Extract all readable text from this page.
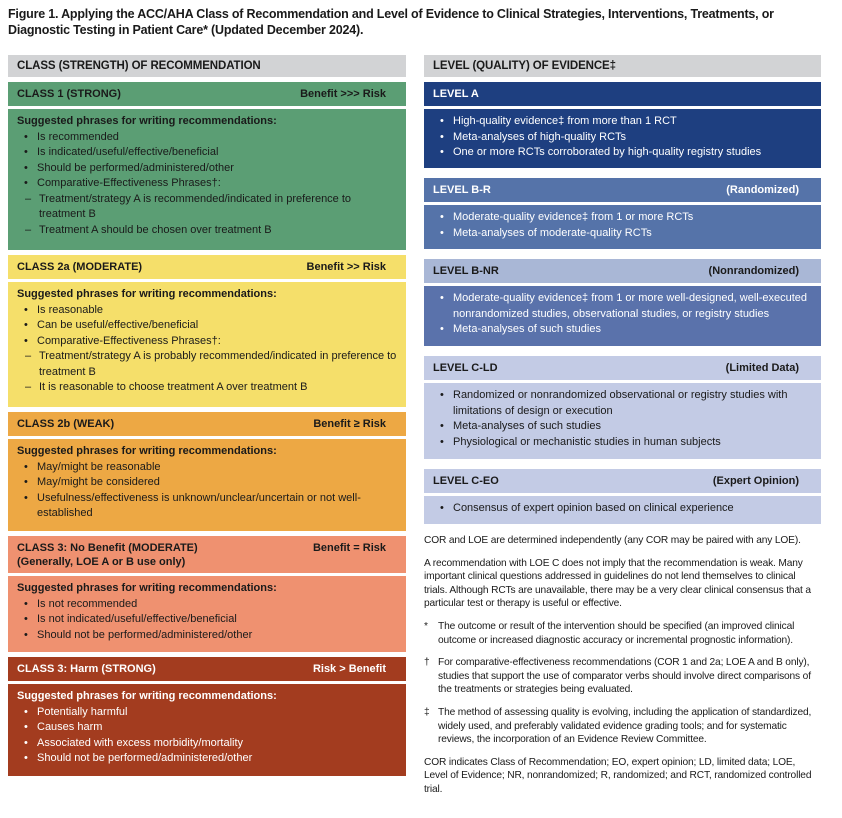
Figure 1. Applying the ACC/AHA Class of Recommendation and Level of Evidence to Clinical Strategies, Interventions, Treatments, or Diagnostic Testing in Patient Care* (Updated December 2024).
CLASS (STRENGTH) OF RECOMMENDATION
CLASS 1 (STRONG)	Benefit >>> Risk
Suggested phrases for writing recommendations:
• Is recommended
• Is indicated/useful/effective/beneficial
• Should be performed/administered/other
• Comparative-Effectiveness Phrases†:
– Treatment/strategy A is recommended/indicated in preference to treatment B
– Treatment A should be chosen over treatment B
CLASS 2a (MODERATE)	Benefit >> Risk
Suggested phrases for writing recommendations:
• Is reasonable
• Can be useful/effective/beneficial
• Comparative-Effectiveness Phrases†:
– Treatment/strategy A is probably recommended/indicated in preference to treatment B
– It is reasonable to choose treatment A over treatment B
CLASS 2b (WEAK)	Benefit ≥ Risk
Suggested phrases for writing recommendations:
• May/might be reasonable
• May/might be considered
• Usefulness/effectiveness is unknown/unclear/uncertain or not well-established
CLASS 3: No Benefit (MODERATE)
(Generally, LOE A or B use only)
Benefit = Risk
Suggested phrases for writing recommendations:
• Is not recommended
• Is not indicated/useful/effective/beneficial
• Should not be performed/administered/other
CLASS 3: Harm (STRONG)	Risk > Benefit
Suggested phrases for writing recommendations:
• Potentially harmful
• Causes harm
• Associated with excess morbidity/mortality
• Should not be performed/administered/other
LEVEL (QUALITY) OF EVIDENCE‡
LEVEL A
• High-quality evidence‡ from more than 1 RCT
• Meta-analyses of high-quality RCTs
• One or more RCTs corroborated by high-quality registry studies
LEVEL B-R	(Randomized)
• Moderate-quality evidence‡ from 1 or more RCTs
• Meta-analyses of moderate-quality RCTs
LEVEL B-NR	(Nonrandomized)
• Moderate-quality evidence‡ from 1 or more well-designed, well-executed nonrandomized studies, observational studies, or registry studies
• Meta-analyses of such studies
LEVEL C-LD	(Limited Data)
• Randomized or nonrandomized observational or registry studies with limitations of design or execution
• Meta-analyses of such studies
• Physiological or mechanistic studies in human subjects
LEVEL C-EO	(Expert Opinion)
• Consensus of expert opinion based on clinical experience

COR and LOE are determined independently (any COR may be paired with any LOE).

A recommendation with LOE C does not imply that the recommendation is weak. Many important clinical questions addressed in guidelines do not lend themselves to clinical trials. Although RCTs are unavailable, there may be a very clear clinical consensus that a particular test or therapy is useful or effective.

* The outcome or result of the intervention should be specified (an improved clinical outcome or increased diagnostic accuracy or incremental prognostic information).
† For comparative-effectiveness recommendations (COR 1 and 2a; LOE A and B only), studies that support the use of comparator verbs should involve direct comparisons of the treatments or strategies being evaluated.
‡ The method of assessing quality is evolving, including the application of standardized, widely used, and preferably validated evidence grading tools; and for systematic reviews, the incorporation of an Evidence Review Committee.

COR indicates Class of Recommendation; EO, expert opinion; LD, limited data; LOE, Level of Evidence; NR, nonrandomized; R, randomized; and RCT, randomized controlled trial.
